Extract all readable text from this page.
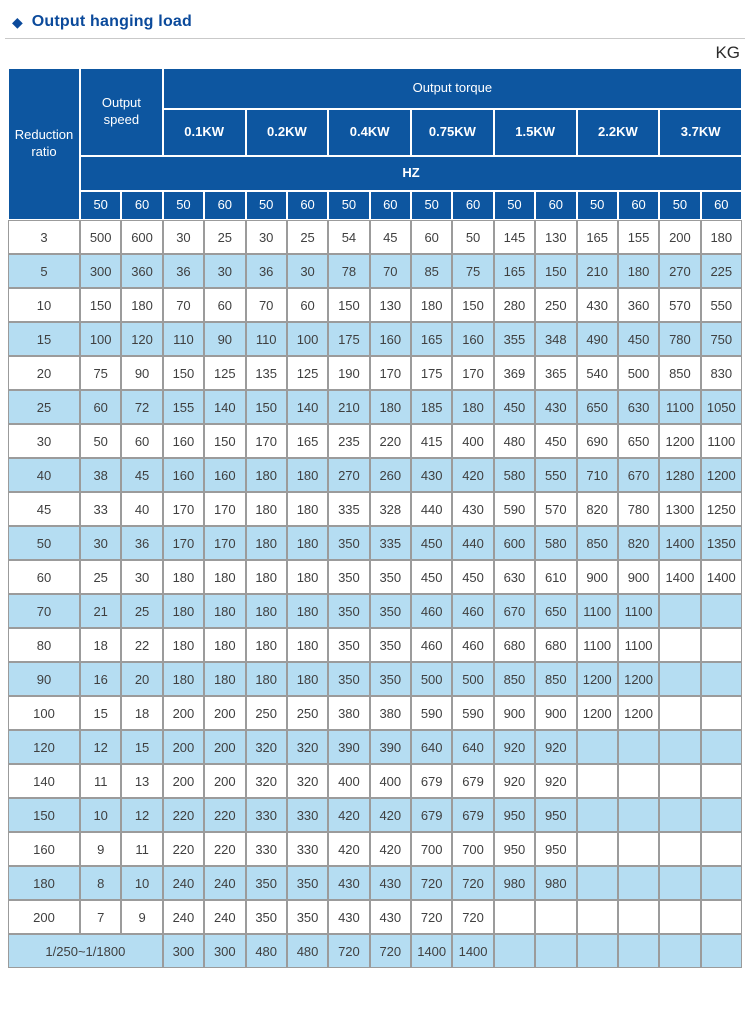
◆ Output hanging load
KG
Reduction ratio	Output speed		Output torque													
			0.1KW		0.2KW		0.4KW		0.75KW		1.5KW		2.2KW		3.7KW	
	HZ															
	50	60	50	60	50	60	50	60	50	60	50	60	50	60	50	60
3	500	600	30	25	30	25	54	45	60	50	145	130	165	155	200	180
5	300	360	36	30	36	30	78	70	85	75	165	150	210	180	270	225
10	150	180	70	60	70	60	150	130	180	150	280	250	430	360	570	550
15	100	120	110	90	110	100	175	160	165	160	355	348	490	450	780	750
20	75	90	150	125	135	125	190	170	175	170	369	365	540	500	850	830
25	60	72	155	140	150	140	210	180	185	180	450	430	650	630	1100	1050
30	50	60	160	150	170	165	235	220	415	400	480	450	690	650	1200	1100
40	38	45	160	160	180	180	270	260	430	420	580	550	710	670	1280	1200
45	33	40	170	170	180	180	335	328	440	430	590	570	820	780	1300	1250
50	30	36	170	170	180	180	350	335	450	440	600	580	850	820	1400	1350
60	25	30	180	180	180	180	350	350	450	450	630	610	900	900	1400	1400
70	21	25	180	180	180	180	350	350	460	460	670	650	1100	1100		
80	18	22	180	180	180	180	350	350	460	460	680	680	1100	1100		
90	16	20	180	180	180	180	350	350	500	500	850	850	1200	1200		
100	15	18	200	200	250	250	380	380	590	590	900	900	1200	1200		
120	12	15	200	200	320	320	390	390	640	640	920	920				
140	11	13	200	200	320	320	400	400	679	679	920	920				
150	10	12	220	220	330	330	420	420	679	679	950	950				
160	9	11	220	220	330	330	420	420	700	700	950	950				
180	8	10	240	240	350	350	430	430	720	720	980	980				
200	7	9	240	240	350	350	430	430	720	720						
1/250~1/1800			300	300	480	480	720	720	1400	1400						
